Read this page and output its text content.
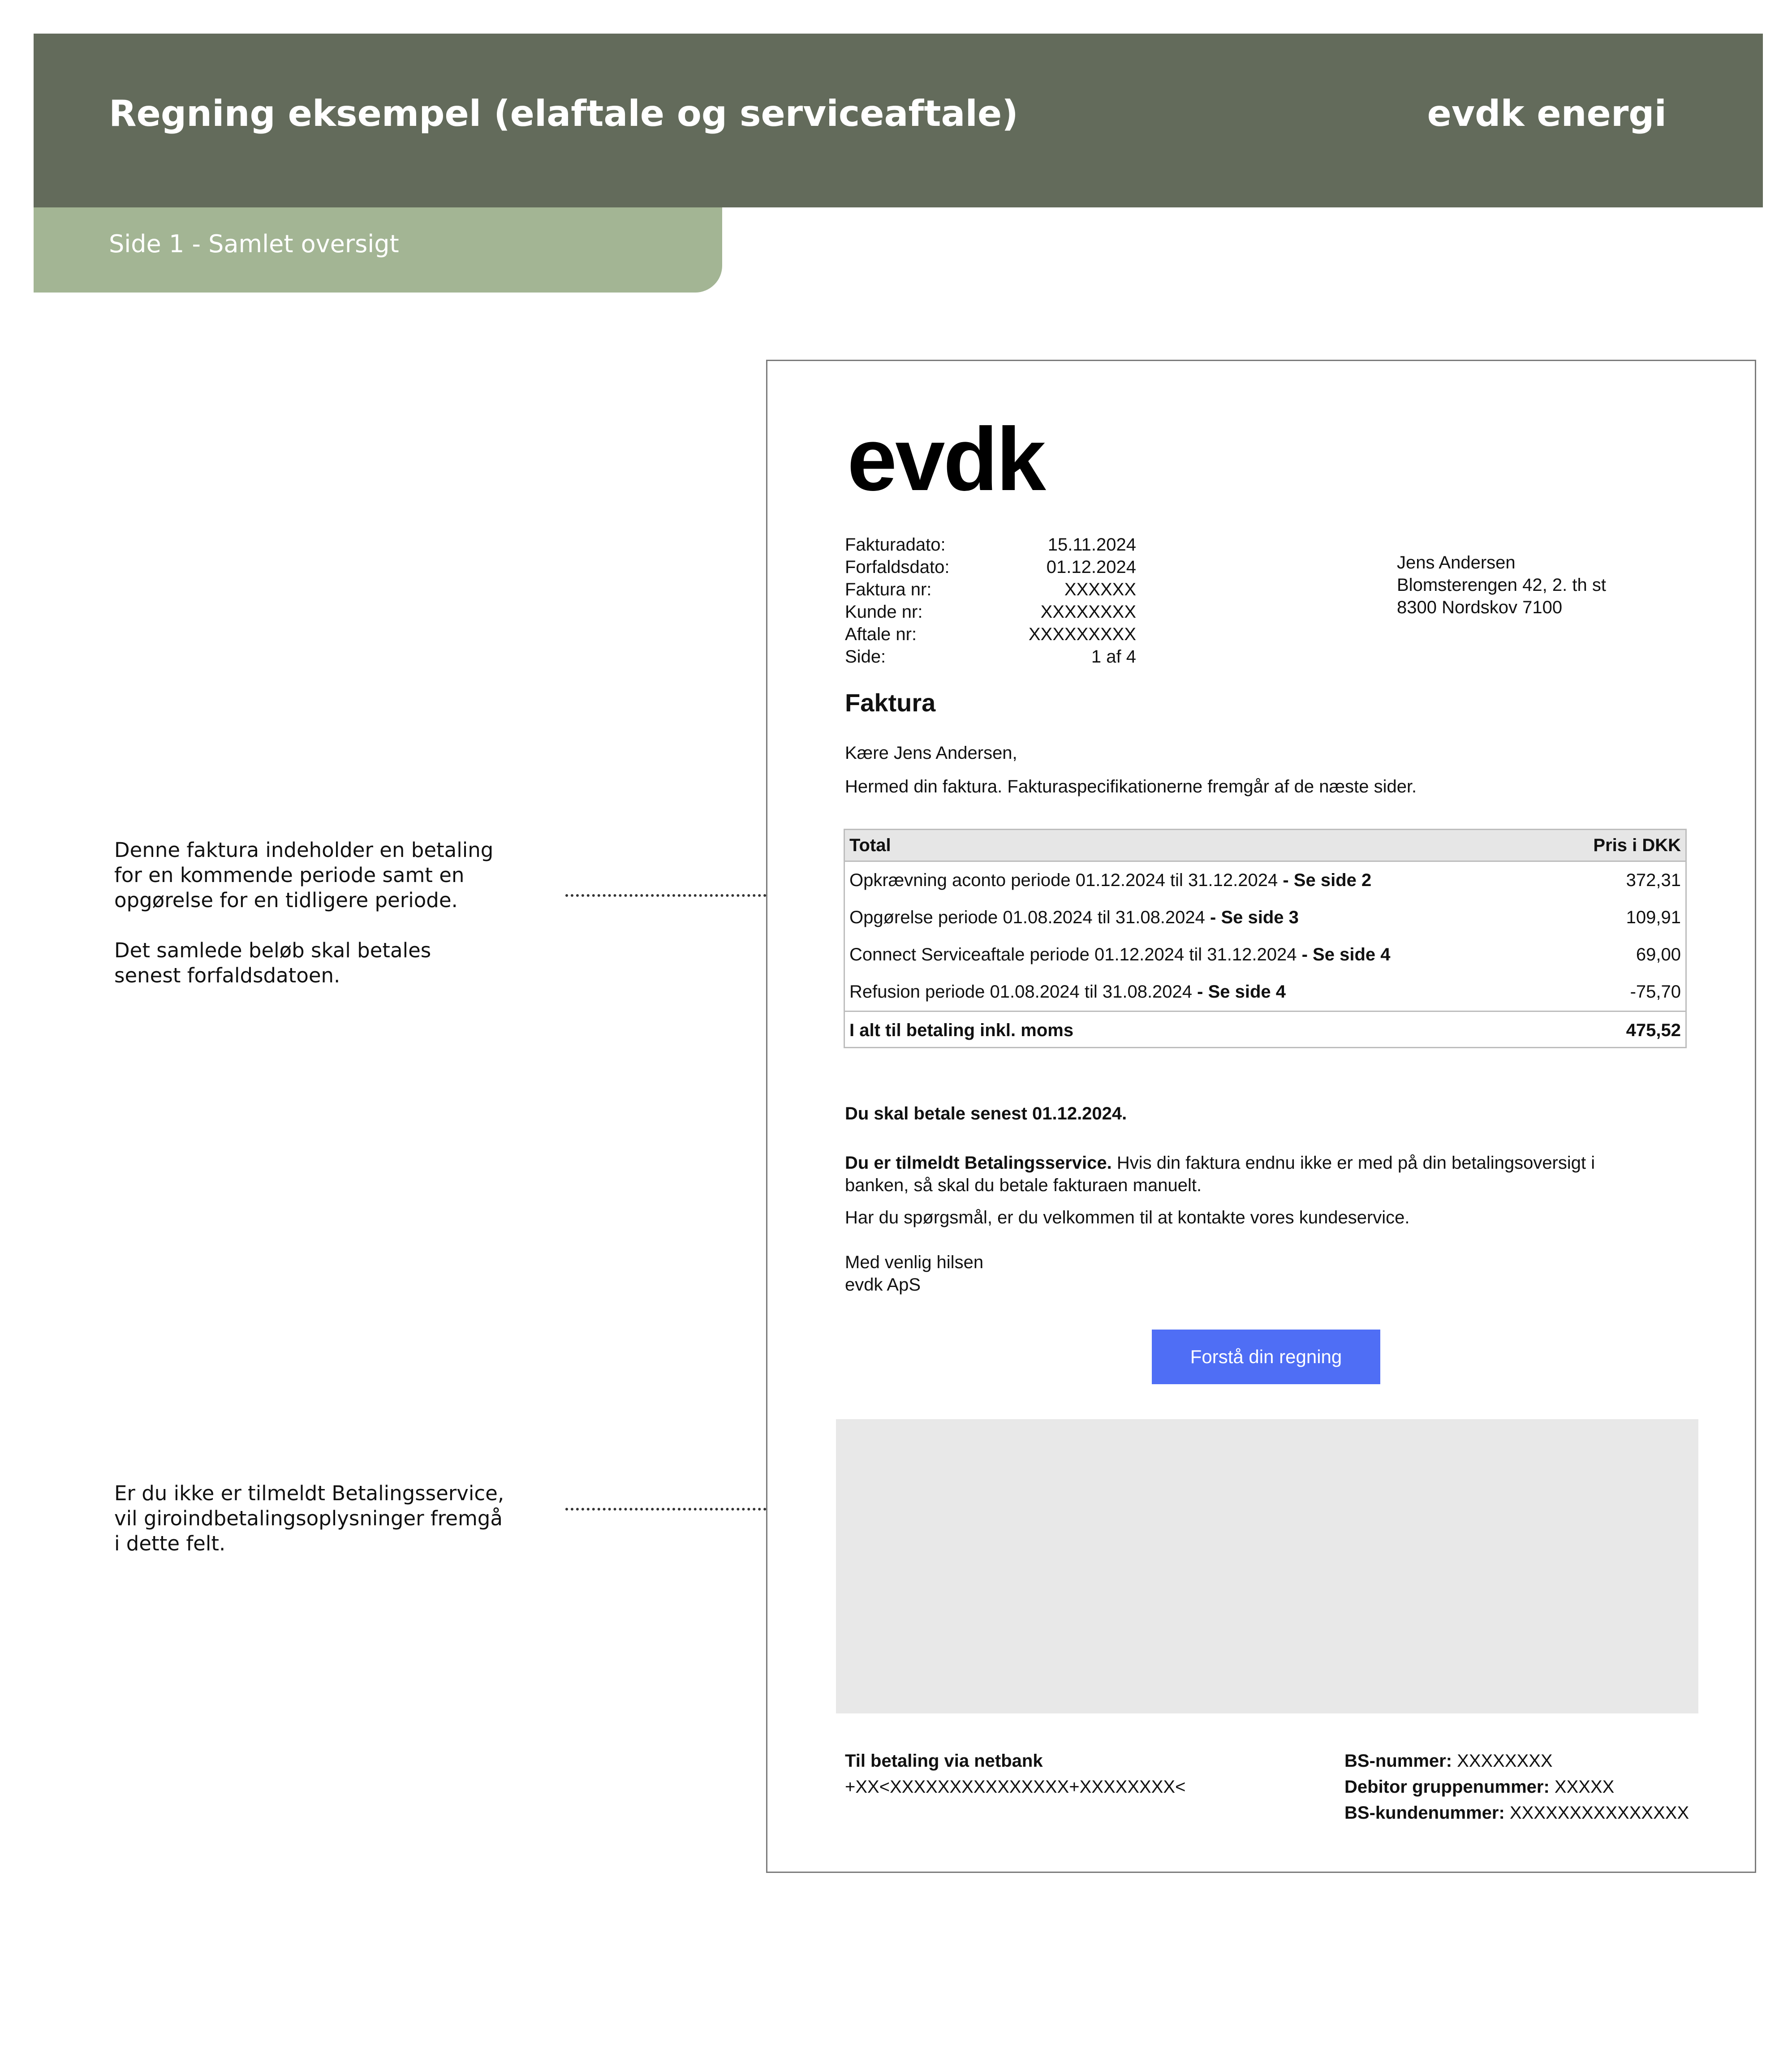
Regning eksempel (elaftale og serviceaftale)	evdk energi
Side 1 - Samlet oversigt

Denne faktura indeholder en betaling

for en kommende periode samt en

opgørelse for en tidligere periode.

Det samlede beløb skal betales

senest forfaldsdatoen.

Er du ikke er tilmeldt Betalingsservice,

vil giroindbetalingsoplysninger fremgå

i dette felt.

evdk
Fakturadato:	15.11.2024
Forfaldsdato:	01.12.2024
Faktura nr:	XXXXXX
Kunde nr:	XXXXXXXX
Aftale nr:	XXXXXXXXX
Side:	1 af 4
Jens Andersen
Blomsterengen 42, 2. th st
8300 Nordskov 7100
Faktura
Kære Jens Andersen,
Hermed din faktura. Fakturaspecifikationerne fremgår af de næste sider.
Total	Pris i DKK
Opkrævning aconto periode 01.12.2024 til 31.12.2024 - Se side 2	372,31
Opgørelse periode 01.08.2024 til 31.08.2024 - Se side 3	109,91
Connect Serviceaftale periode 01.12.2024 til 31.12.2024 - Se side 4	69,00
Refusion periode 01.08.2024 til 31.08.2024 - Se side 4	-75,70
I alt til betaling inkl. moms	475,52
Du skal betale senest 01.12.2024.

Du er tilmeldt Betalingsservice. Hvis din faktura endnu ikke er med på din betalingsoversigt i

banken, så skal du betale fakturaen manuelt.

Har du spørgsmål, er du velkommen til at kontakte vores kundeservice.

Med venlig hilsen

evdk ApS

Forstå din regning
Til betaling via netbank
+XX<XXXXXXXXXXXXXXX+XXXXXXXX<
BS-nummer: XXXXXXXX
Debitor gruppenummer: XXXXX
BS-kundenummer: XXXXXXXXXXXXXXX
